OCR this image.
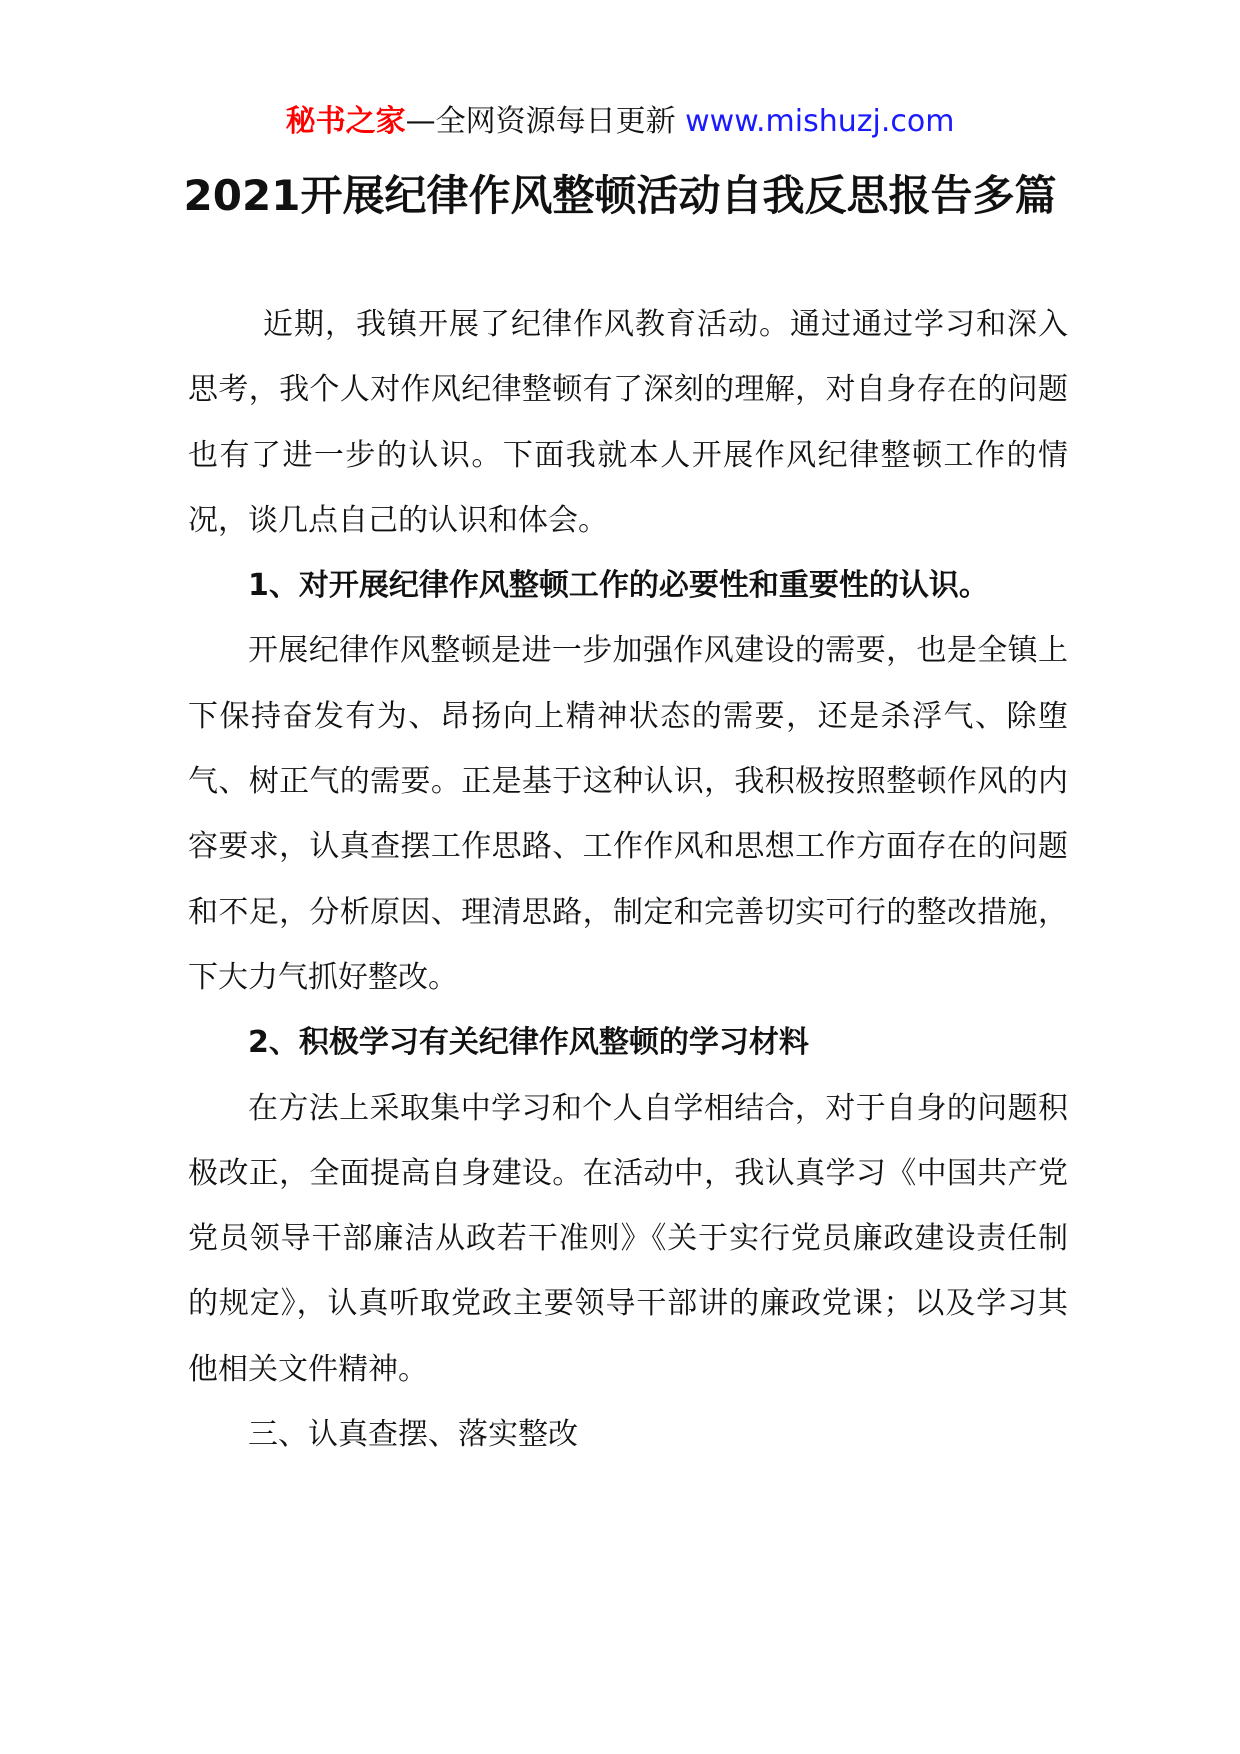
秘书之家—全网资源每日更新 www.mishuzj.com
2021开展纪律作风整顿活动自我反思报告多篇

近期，我镇开展了纪律作风教育活动。通过通过学习和深入思考，我个人对作风纪律整顿有了深刻的理解，对自身存在的问题也有了进一步的认识。下面我就本人开展作风纪律整顿工作的情况，谈几点自己的认识和体会。

1、对开展纪律作风整顿工作的必要性和重要性的认识。

开展纪律作风整顿是进一步加强作风建设的需要，也是全镇上下保持奋发有为、昂扬向上精神状态的需要，还是杀浮气、除堕气、树正气的需要。正是基于这种认识，我积极按照整顿作风的内容要求，认真查摆工作思路、工作作风和思想工作方面存在的问题和不足，分析原因、理清思路，制定和完善切实可行的整改措施，下大力气抓好整改。

2、积极学习有关纪律作风整顿的学习材料

在方法上采取集中学习和个人自学相结合，对于自身的问题积极改正，全面提高自身建设。在活动中，我认真学习《中国共产党党员领导干部廉洁从政若干准则》《关于实行党员廉政建设责任制的规定》，认真听取党政主要领导干部讲的廉政党课；以及学习其他相关文件精神。

三、认真查摆、落实整改
